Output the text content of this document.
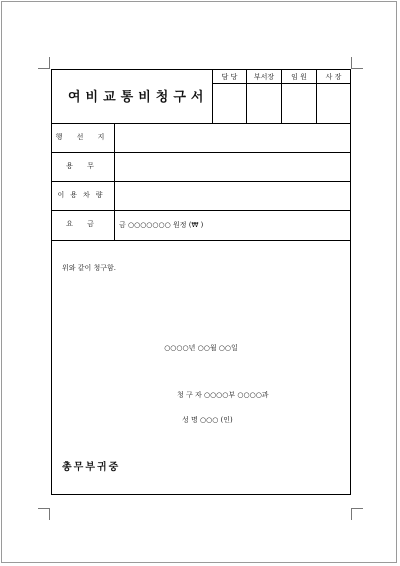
여비교통비청구서
담 당	부서장	임 원	사 장
행 선 지
용 무
이용차량
요 금	금 ○○○○○○○ 원정 (₩ )
위와 같이 청구함.
○○○○년 ○○월 ○○일
청 구 자 ○○○○부 ○○○○과
성 명 ○○○ (인)
총무부귀중
